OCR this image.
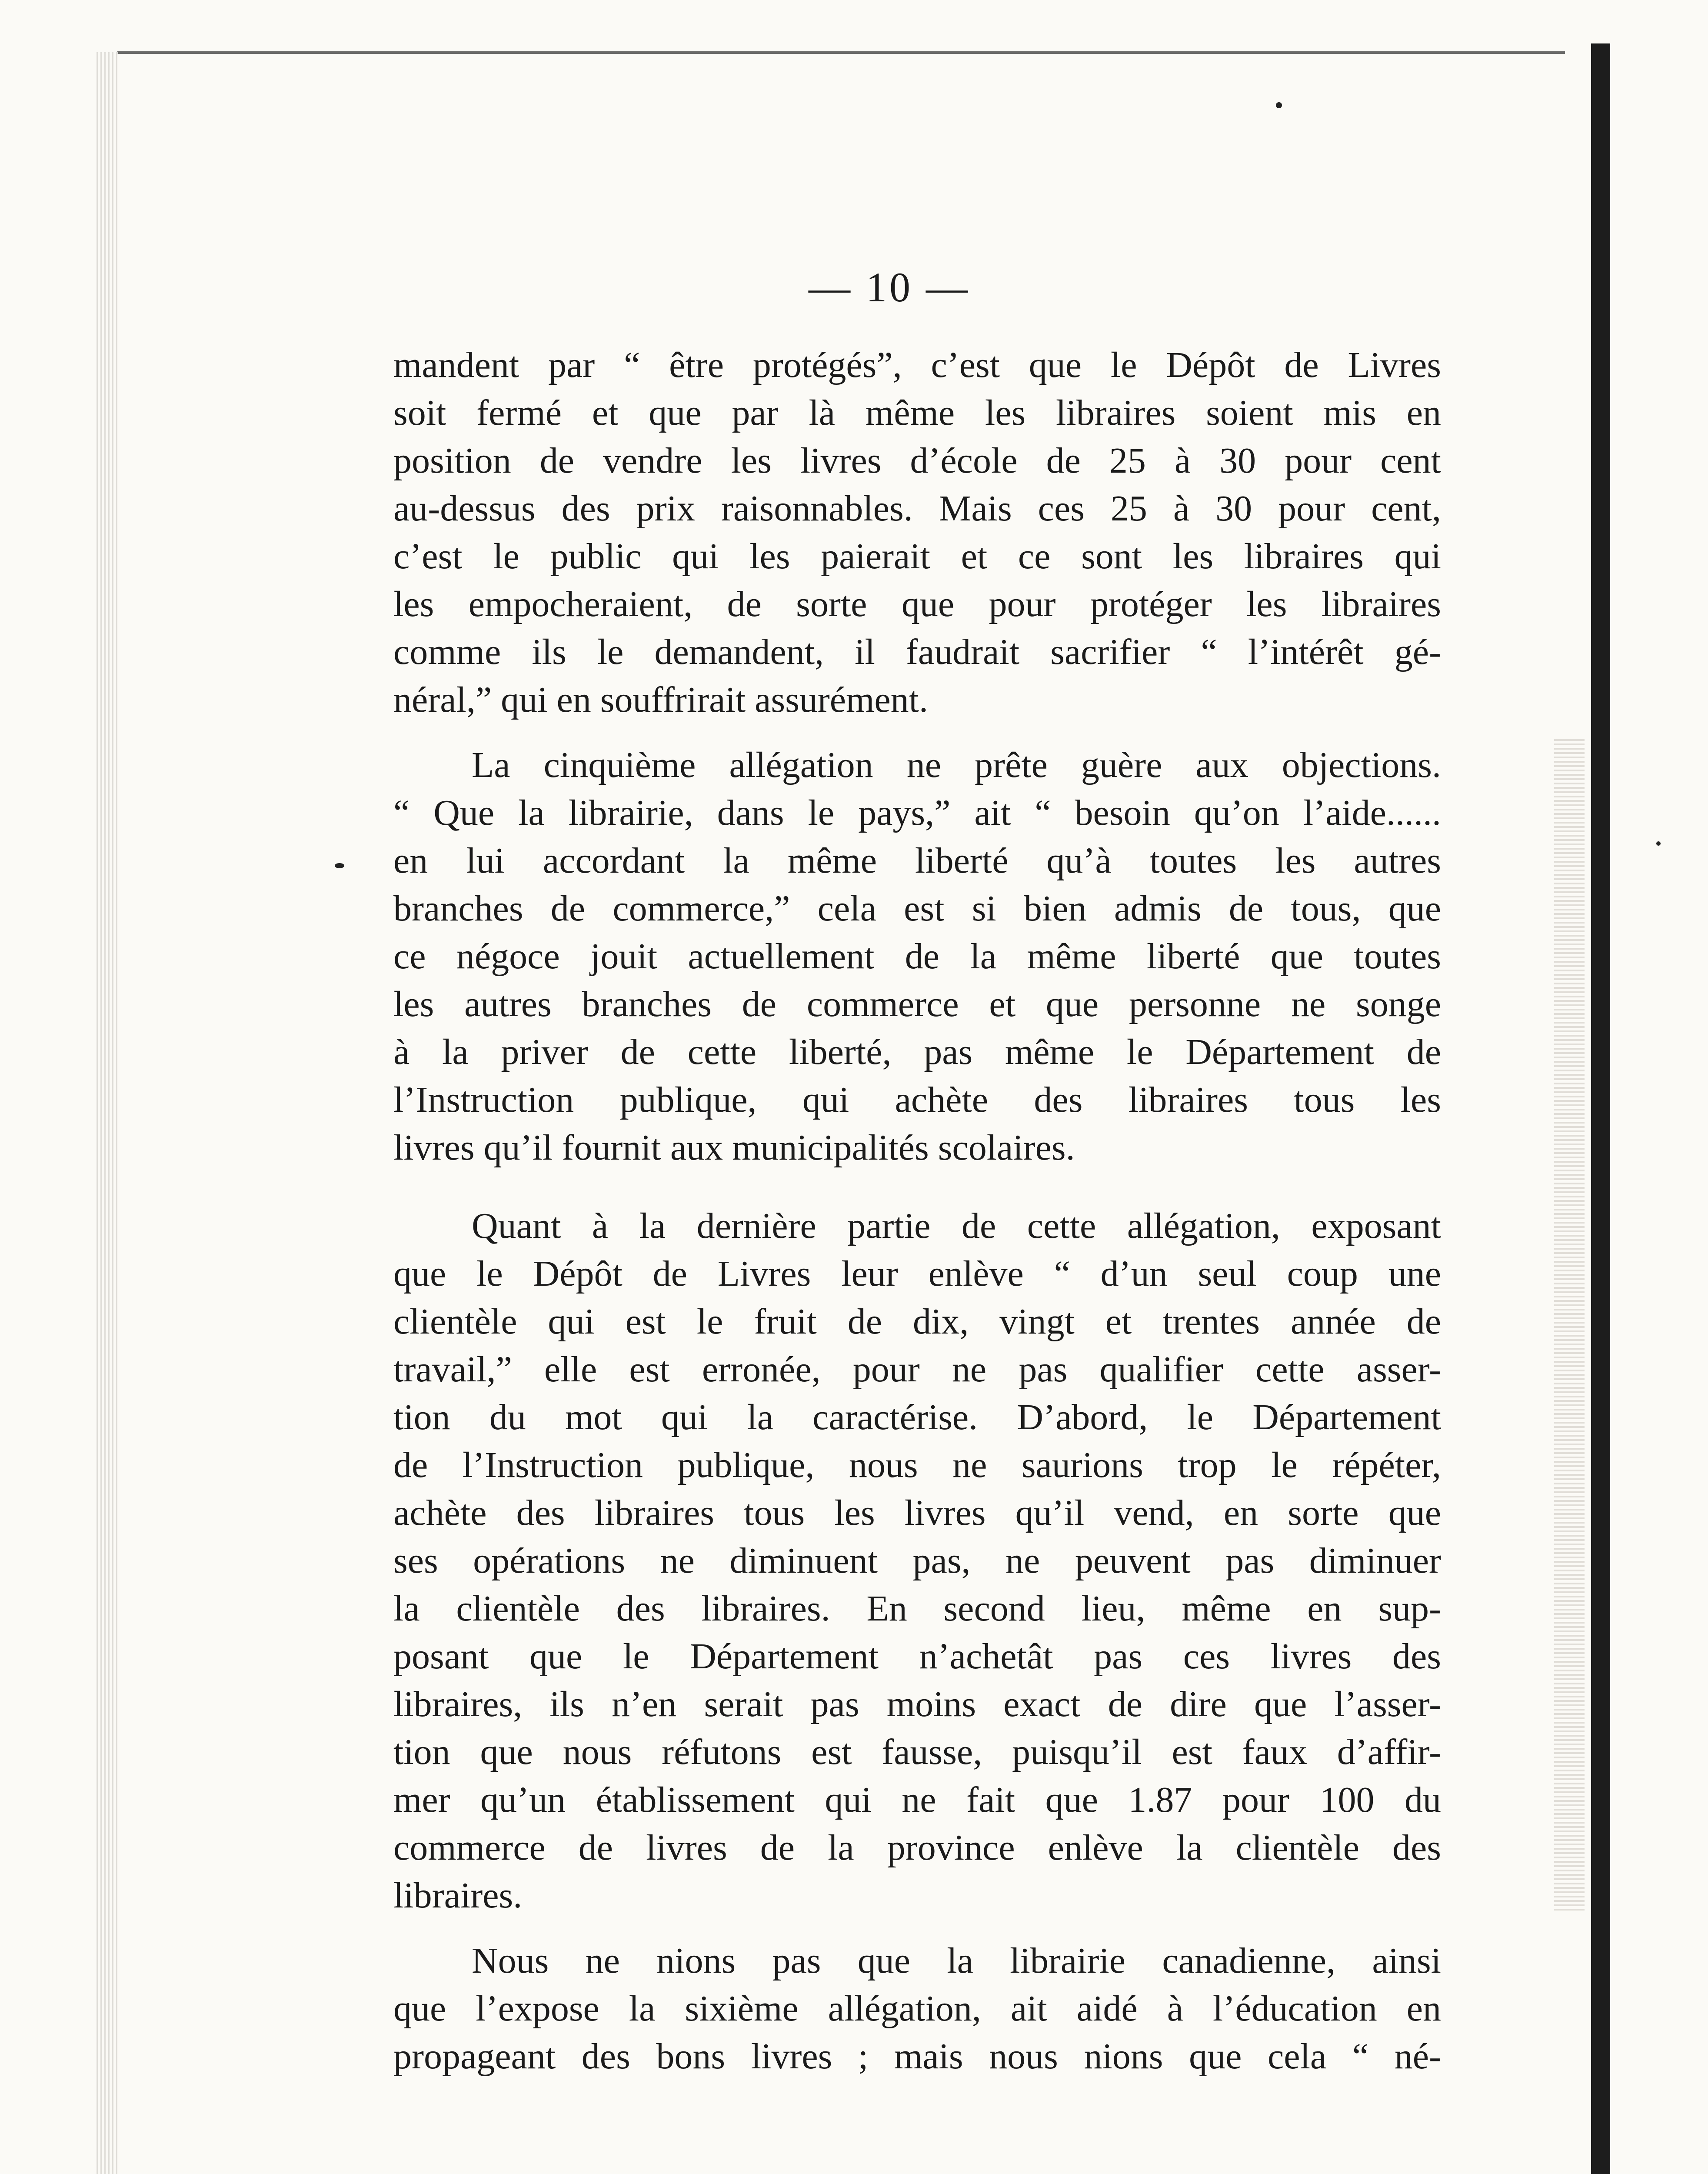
— 10 —

mandent par “ être protégés”, c’est que le Dépôt de Livres
soit fermé et que par là même les libraires soient mis en
position de vendre les livres d’école de 25 à 30 pour cent
au-dessus des prix raisonnables. Mais ces 25 à 30 pour cent,
c’est le public qui les paierait et ce sont les libraires qui
les empocheraient, de sorte que pour protéger les libraires
comme ils le demandent, il faudrait sacrifier “ l’intérêt gé-
néral,” qui en souffrirait assurément.

La cinquième allégation ne prête guère aux objections.
“ Que la librairie, dans le pays,” ait “ besoin qu’on l’aide......
en lui accordant la même liberté qu’à toutes les autres
branches de commerce,” cela est si bien admis de tous, que
ce négoce jouit actuellement de la même liberté que toutes
les autres branches de commerce et que personne ne songe
à la priver de cette liberté, pas même le Département de
l’Instruction publique, qui achète des libraires tous les
livres qu’il fournit aux municipalités scolaires.

Quant à la dernière partie de cette allégation, exposant
que le Dépôt de Livres leur enlève “ d’un seul coup une
clientèle qui est le fruit de dix, vingt et trentes année de
travail,” elle est erronée, pour ne pas qualifier cette asser-
tion du mot qui la caractérise. D’abord, le Département
de l’Instruction publique, nous ne saurions trop le répéter,
achète des libraires tous les livres qu’il vend, en sorte que
ses opérations ne diminuent pas, ne peuvent pas diminuer
la clientèle des libraires. En second lieu, même en sup-
posant que le Département n’achetât pas ces livres des
libraires, ils n’en serait pas moins exact de dire que l’asser-
tion que nous réfutons est fausse, puisqu’il est faux d’affir-
mer qu’un établissement qui ne fait que 1.87 pour 100 du
commerce de livres de la province enlève la clientèle des
libraires.

Nous ne nions pas que la librairie canadienne, ainsi
que l’expose la sixième allégation, ait aidé à l’éducation en
propageant des bons livres ; mais nous nions que cela “ né-
